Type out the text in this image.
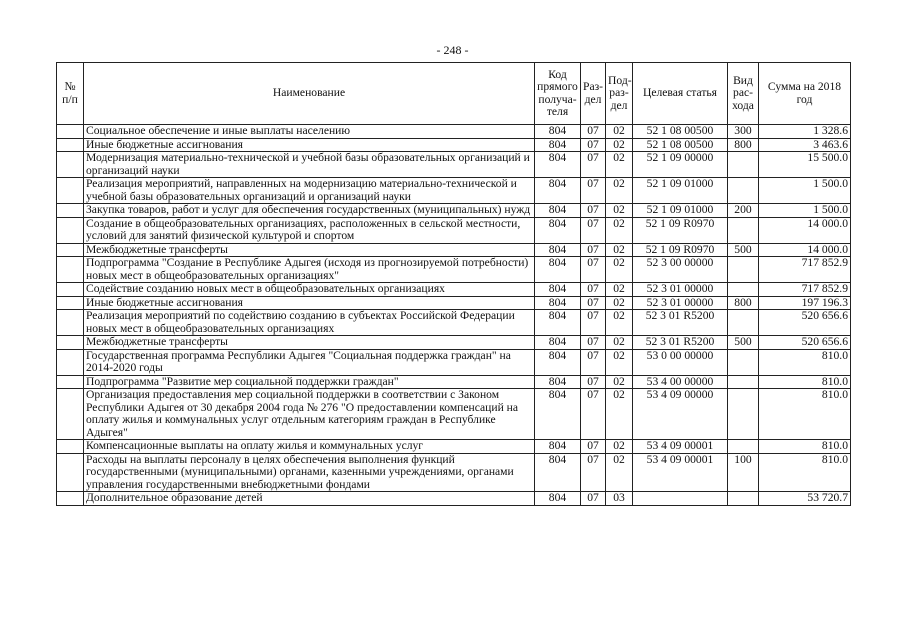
- 248 -
№ п/п	Наименование	Код прямого получа-теля	Раз-дел	Под-раз-дел	Целевая статья	Вид рас-хода	Сумма на 2018 год
	Социальное обеспечение и иные выплаты населению	804	07	02	52 1 08 00500	300	1 328.6
	Иные бюджетные ассигнования	804	07	02	52 1 08 00500	800	3 463.6
	Модернизация материально-технической и учебной базы образовательных организаций и организаций науки	804	07	02	52 1 09 00000		15 500.0
	Реализация мероприятий, направленных на модернизацию материально-технической и учебной базы образовательных организаций и организаций науки	804	07	02	52 1 09 01000		1 500.0
	Закупка товаров, работ и услуг для обеспечения государственных (муниципальных) нужд	804	07	02	52 1 09 01000	200	1 500.0
	Создание в общеобразовательных организациях, расположенных в сельской местности, условий для занятий физической культурой и спортом	804	07	02	52 1 09 R0970		14 000.0
	Межбюджетные трансферты	804	07	02	52 1 09 R0970	500	14 000.0
	Подпрограмма "Создание в Республике Адыгея (исходя из прогнозируемой потребности) новых мест в общеобразовательных организациях"	804	07	02	52 3 00 00000		717 852.9
	Содействие созданию новых мест в общеобразовательных организациях	804	07	02	52 3 01 00000		717 852.9
	Иные бюджетные ассигнования	804	07	02	52 3 01 00000	800	197 196.3
	Реализация мероприятий по содействию созданию в субъектах Российской Федерации новых мест в общеобразовательных организациях	804	07	02	52 3 01 R5200		520 656.6
	Межбюджетные трансферты	804	07	02	52 3 01 R5200	500	520 656.6
	Государственная программа Республики Адыгея "Социальная поддержка граждан" на 2014-2020 годы	804	07	02	53 0 00 00000		810.0
	Подпрограмма "Развитие мер социальной поддержки граждан"	804	07	02	53 4 00 00000		810.0
	Организация предоставления мер социальной поддержки в соответствии с Законом Республики Адыгея от 30 декабря 2004 года № 276 "О предоставлении компенсаций на оплату жилья и коммунальных услуг отдельным категориям граждан в Республике Адыгея"	804	07	02	53 4 09 00000		810.0
	Компенсационные выплаты на оплату жилья и коммунальных услуг	804	07	02	53 4 09 00001		810.0
	Расходы на выплаты персоналу в целях обеспечения выполнения функций государственными (муниципальными) органами, казенными учреждениями, органами управления государственными внебюджетными фондами	804	07	02	53 4 09 00001	100	810.0
	Дополнительное образование детей	804	07	03			53 720.7
